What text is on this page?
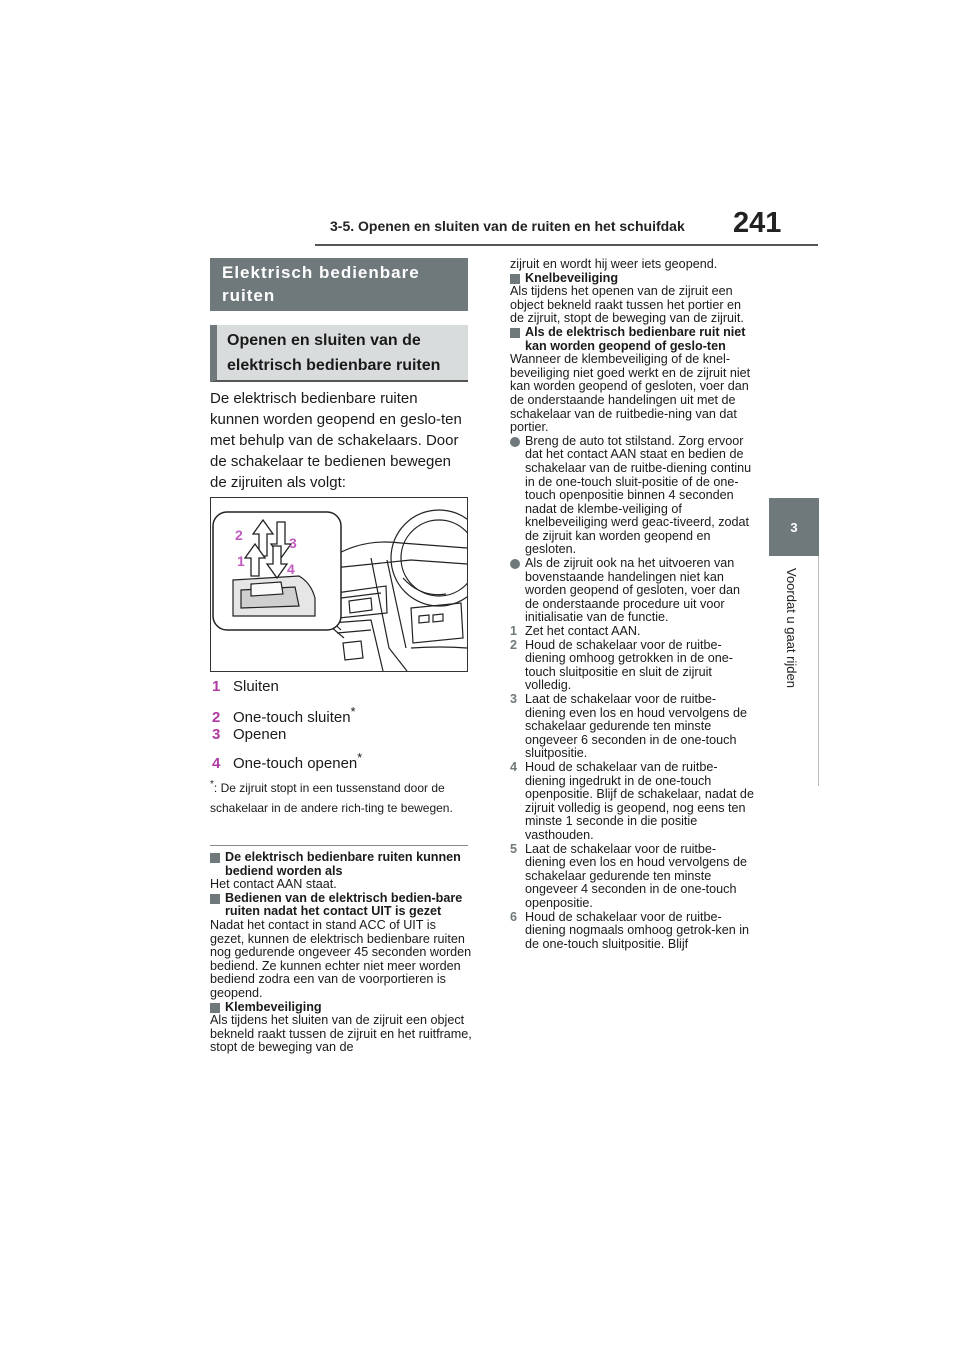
3-5. Openen en sluiten van de ruiten en het schuifdak 241
3
Voordat u gaat rijden
Elektrisch bedienbare ruiten
Openen en sluiten van de elektrisch bedienbare ruiten
De elektrisch bedienbare ruiten kunnen worden geopend en geslo-ten met behulp van de schakelaars. Door de schakelaar te bedienen bewegen de zijruiten als volgt:
2
1
3
4
1 Sluiten
2 One-touch sluiten*
3 Openen
4 One-touch openen*
*: De zijruit stopt in een tussenstand door de schakelaar in de andere rich-ting te bewegen.

De elektrisch bedienbare ruiten kunnen bediend worden als

Het contact AAN staat.

Bedienen van de elektrisch bedien-bare ruiten nadat het contact UIT is gezet

Nadat het contact in stand ACC of UIT is gezet, kunnen de elektrisch bedienbare ruiten nog gedurende ongeveer 45 seconden worden bediend. Ze kunnen echter niet meer worden bediend zodra een van de voorportieren is geopend.

Klembeveiliging

Als tijdens het sluiten van de zijruit een object bekneld raakt tussen de zijruit en het ruitframe, stopt de beweging van de

zijruit en wordt hij weer iets geopend.

Knelbeveiliging

Als tijdens het openen van de zijruit een object bekneld raakt tussen het portier en de zijruit, stopt de beweging van de zijruit.

Als de elektrisch bedienbare ruit niet kan worden geopend of geslo-ten

Wanneer de klembeveiliging of de knel-beveiliging niet goed werkt en de zijruit niet kan worden geopend of gesloten, voer dan de onderstaande handelingen uit met de schakelaar van de ruitbedie-ning van dat portier.

Breng de auto tot stilstand. Zorg ervoor dat het contact AAN staat en bedien de schakelaar van de ruitbe-diening continu in de one-touch sluit-positie of de one-touch openpositie binnen 4 seconden nadat de klembe-veiliging of knelbeveiliging werd geac-tiveerd, zodat de zijruit kan worden geopend en gesloten.

Als de zijruit ook na het uitvoeren van bovenstaande handelingen niet kan worden geopend of gesloten, voer dan de onderstaande procedure uit voor initialisatie van de functie.

1 Zet het contact AAN.

2 Houd de schakelaar voor de ruitbe-diening omhoog getrokken in de one-touch sluitpositie en sluit de zijruit volledig.

3 Laat de schakelaar voor de ruitbe-diening even los en houd vervolgens de schakelaar gedurende ten minste ongeveer 6 seconden in de one-touch sluitpositie.

4 Houd de schakelaar van de ruitbe-diening ingedrukt in de one-touch openpositie. Blijf de schakelaar, nadat de zijruit volledig is geopend, nog eens ten minste 1 seconde in die positie vasthouden.

5 Laat de schakelaar voor de ruitbe-diening even los en houd vervolgens de schakelaar gedurende ten minste ongeveer 4 seconden in de one-touch openpositie.

6 Houd de schakelaar voor de ruitbe-diening nogmaals omhoog getrok-ken in de one-touch sluitpositie. Blijf
